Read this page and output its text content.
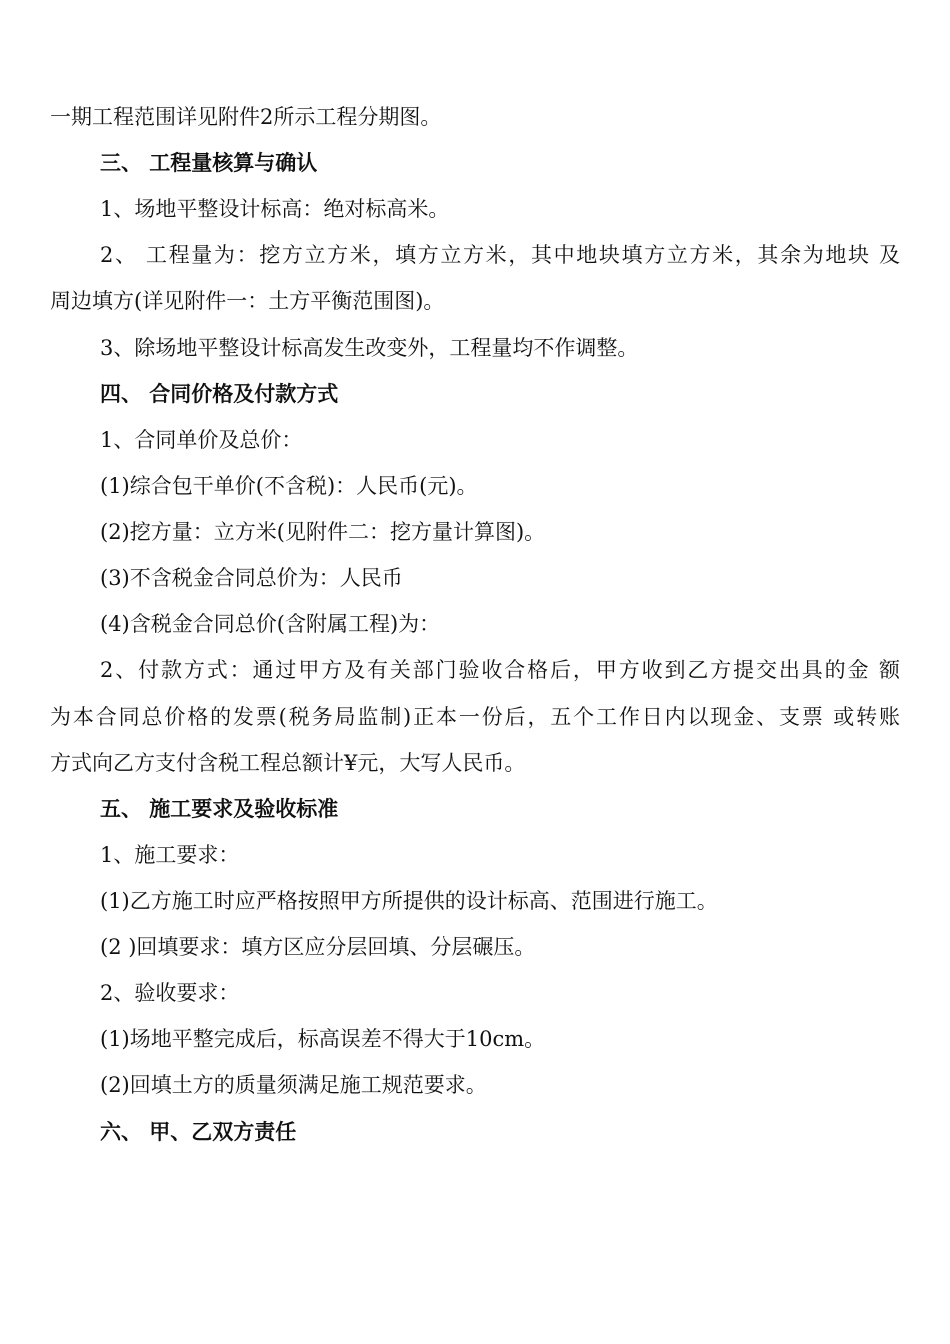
一期工程范围详见附件2所示工程分期图。
三、 工程量核算与确认
1、场地平整设计标高：绝对标高米。
2、 工程量为：挖方立方米，填方立方米，其中地块填方立方米，其余为地块 及
周边填方(详见附件一：土方平衡范围图)。
3、除场地平整设计标高发生改变外，工程量均不作调整。
四、 合同价格及付款方式
1、合同单价及总价：
(1)综合包干单价(不含税)：人民币(元)。
(2)挖方量：立方米(见附件二：挖方量计算图)。
(3)不含税金合同总价为：人民币
(4)含税金合同总价(含附属工程)为：
2、付款方式：通过甲方及有关部门验收合格后，甲方收到乙方提交出具的金 额
为本合同总价格的发票(税务局监制)正本一份后，五个工作日内以现金、支票 或转账
方式向乙方支付含税工程总额计¥元，大写人民币。
五、 施工要求及验收标准
1、施工要求：
(1)乙方施工时应严格按照甲方所提供的设计标高、范围进行施工。
(2 )回填要求：填方区应分层回填、分层碾压。
2、验收要求：
(1)场地平整完成后，标高误差不得大于10cm。
(2)回填土方的质量须满足施工规范要求。
六、 甲、乙双方责任
